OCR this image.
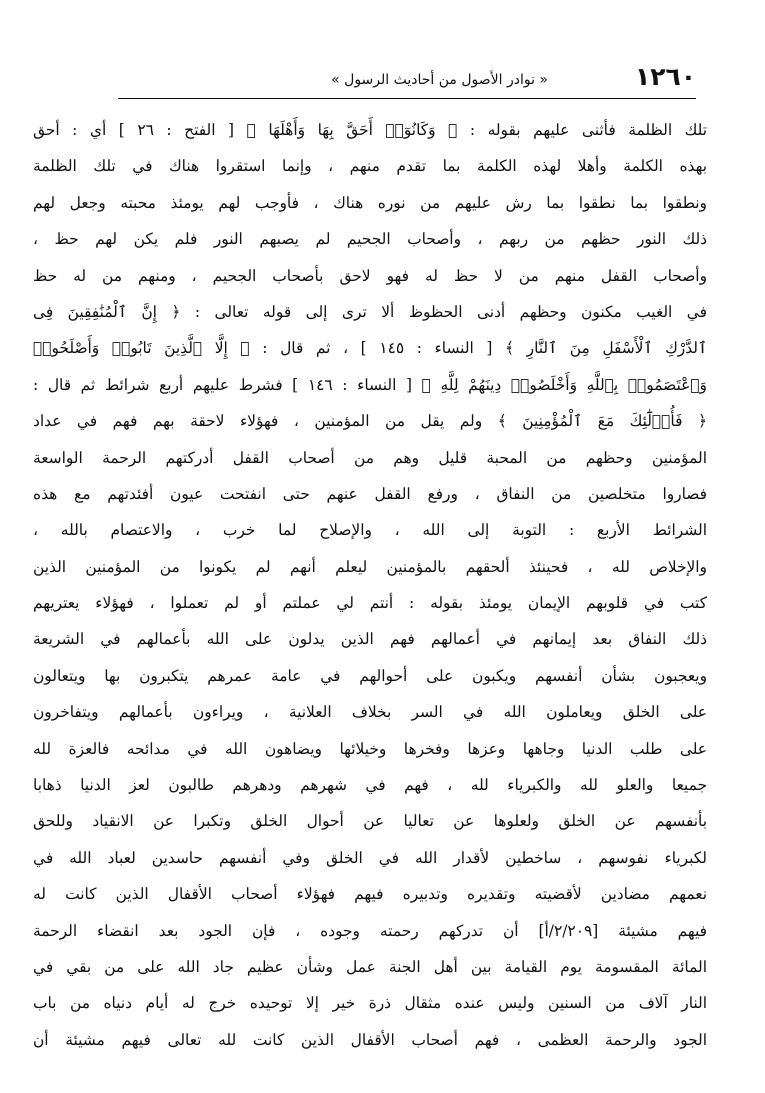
١٢٦٠
« نوادر الأصول من أحاديث الرسول »
تلك الظلمة فأثنى عليهم بقوله : ﴿ وَكَانُوٓا۟ أَحَقَّ بِهَا وَأَهْلَهَا ﴾ [ الفتح : ٢٦ ] أي : أحق
بهذه الكلمة وأهلا لهذه الكلمة بما تقدم منهم ، وإنما استقروا هناك في تلك الظلمة
ونطقوا بما نطقوا بما رش عليهم من نوره هناك ، فأوجب لهم يومئذ محبته وجعل لهم
ذلك النور حظهم من ربهم ، وأصحاب الجحيم لم يصبهم النور فلم يكن لهم حظ ،
وأصحاب القفل منهم من لا حظ له فهو لاحق بأصحاب الجحيم ، ومنهم من له حظ
في الغيب مكنون وحظهم أدنى الحظوظ ألا ترى إلى قوله تعالى : ﴿ إِنَّ ٱلْمُنَٰفِقِينَ فِى
ٱلدَّرْكِ ٱلْأَسْفَلِ مِنَ ٱلنَّارِ ﴾ [ النساء : ١٤٥ ] ، ثم قال : ﴿ إِلَّا ٱلَّذِينَ تَابُوا۟ وَأَصْلَحُوا۟
وَٱعْتَصَمُوا۟ بِٱللَّهِ وَأَخْلَصُوا۟ دِينَهُمْ لِلَّهِ ﴾ [ النساء : ١٤٦ ] فشرط عليهم أربع شرائط ثم قال :
﴿ فَأُو۟لَٰٓئِكَ مَعَ ٱلْمُؤْمِنِينَ ﴾ ولم يقل من المؤمنين ، فهؤلاء لاحقة بهم فهم في عداد
المؤمنين وحظهم من المحبة قليل وهم من أصحاب القفل أدركتهم الرحمة الواسعة
فصاروا متخلصين من النفاق ، ورفع القفل عنهم حتى انفتحت عيون أفئدتهم مع هذه
الشرائط الأربع : التوبة إلى الله ، والإصلاح لما خرب ، والاعتصام بالله ،
والإخلاص لله ، فحينئذ ألحقهم بالمؤمنين ليعلم أنهم لم يكونوا من المؤمنين الذين
كتب في قلوبهم الإيمان يومئذ بقوله : أنتم لي عملتم أو لم تعملوا ، فهؤلاء يعتريهم
ذلك النفاق بعد إيمانهم في أعمالهم فهم الذين يدلون على الله بأعمالهم في الشريعة
ويعجبون بشأن أنفسهم ويكبون على أحوالهم في عامة عمرهم يتكبرون بها ويتعالون
على الخلق ويعاملون الله في السر بخلاف العلانية ، ويراءون بأعمالهم ويتفاخرون
على طلب الدنيا وجاهها وعزها وفخرها وخيلائها ويضاهون الله في مدائحه فالعزة لله
جميعا والعلو لله والكبرياء لله ، فهم في شهرهم ودهرهم طالبون لعز الدنيا ذهابا
بأنفسهم عن الخلق ولعلوها عن تعاليا عن أحوال الخلق وتكبرا عن الانقياد وللحق
لكبرياء نفوسهم ، ساخطين لأقدار الله في الخلق وفي أنفسهم حاسدين لعباد الله في
نعمهم مضادين لأقضيته وتقديره وتدبيره فيهم فهؤلاء أصحاب الأقفال الذين كانت له
فيهم مشيئة [٢/٢٠٩/أ] أن تدركهم رحمته وجوده ، فإن الجود بعد انقضاء الرحمة
المائة المقسومة يوم القيامة بين أهل الجنة عمل وشأن عظيم جاد الله على من بقي في
النار آلاف من السنين وليس عنده مثقال ذرة خير إلا توحيده خرج له أيام دنياه من باب
الجود والرحمة العظمى ، فهم أصحاب الأقفال الذين كانت لله تعالى فيهم مشيئة أن
